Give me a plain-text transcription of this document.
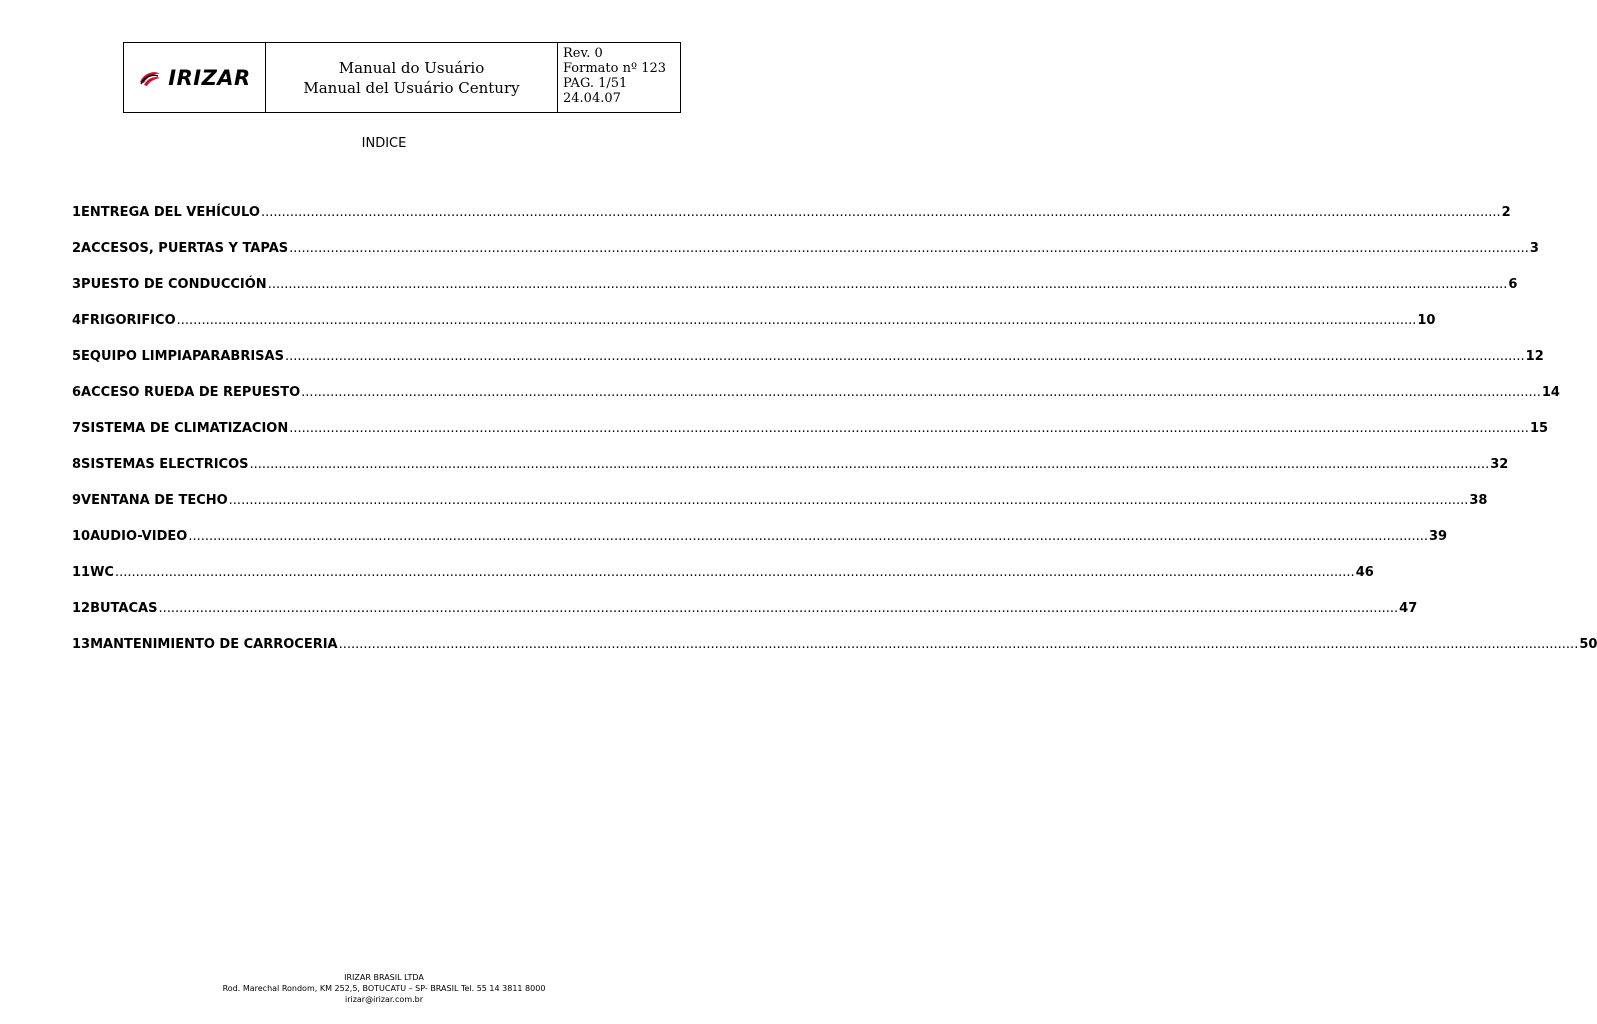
IRIZAR	Manual do Usuário
Manual del Usuário Century
Rev. 0
Formato nº 123
PAG. 1/51
24.04.07
INDICE
1 ENTREGA DEL VEHÍCULO ............................................................................................................................................................................................................................................................................................................ 2
2 ACCESOS, PUERTAS Y TAPAS ............................................................................................................................................................................................................................................................................................................ 3
3 PUESTO DE CONDUCCIÓN ............................................................................................................................................................................................................................................................................................................ 6
4 FRIGORIFICO ............................................................................................................................................................................................................................................................................................................ 10
5 EQUIPO LIMPIAPARABRISAS ............................................................................................................................................................................................................................................................................................................ 12
6 ACCESO RUEDA DE REPUESTO ............................................................................................................................................................................................................................................................................................................ 14
7 SISTEMA DE CLIMATIZACION ............................................................................................................................................................................................................................................................................................................ 15
8 SISTEMAS ELECTRICOS ............................................................................................................................................................................................................................................................................................................ 32
9 VENTANA DE TECHO ............................................................................................................................................................................................................................................................................................................ 38
10 AUDIO-VIDEO ............................................................................................................................................................................................................................................................................................................ 39
11 WC ............................................................................................................................................................................................................................................................................................................ 46
12 BUTACAS ............................................................................................................................................................................................................................................................................................................ 47
13 MANTENIMIENTO DE CARROCERIA ............................................................................................................................................................................................................................................................................................................ 50
IRIZAR BRASIL LTDA
Rod. Marechal Rondom, KM 252,5, BOTUCATU – SP- BRASIL Tel. 55 14 3811 8000
irizar@irizar.com.br
